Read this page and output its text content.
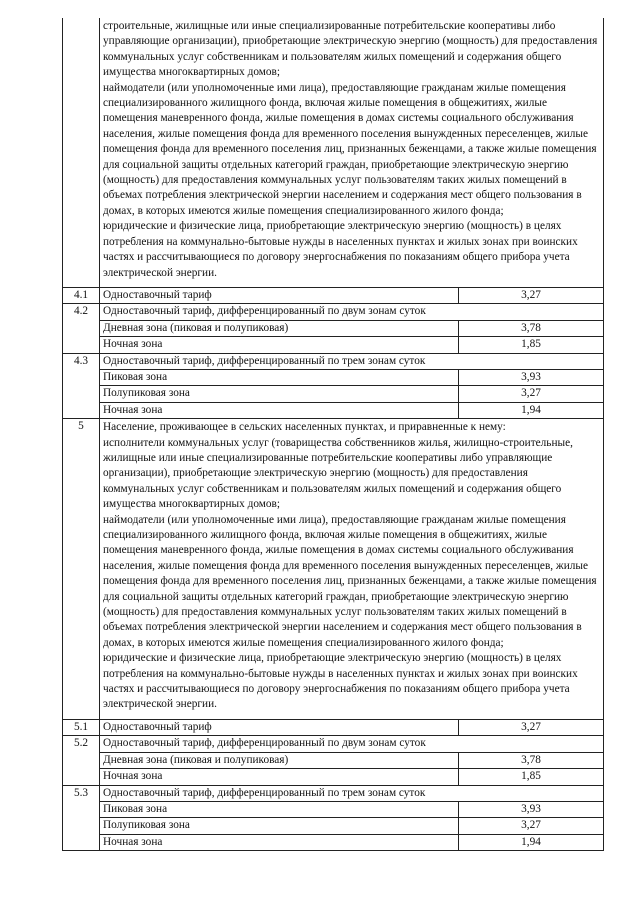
	строительные, жилищные или иные специализированные потребительские кооперативы либо управляющие организации), приобретающие электрическую энергию (мощность) для предоставления коммунальных услуг собственникам и пользователям жилых помещений и содержания общего имущества многоквартирных домов;
наймодатели (или уполномоченные ими лица), предоставляющие гражданам жилые помещения специализированного жилищного фонда, включая жилые помещения в общежитиях, жилые помещения маневренного фонда, жилые помещения в домах системы социального обслуживания населения, жилые помещения фонда для временного поселения вынужденных переселенцев, жилые помещения фонда для временного поселения лиц, признанных беженцами, а также жилые помещения для социальной защиты отдельных категорий граждан, приобретающие электрическую энергию (мощность) для предоставления коммунальных услуг пользователям таких жилых помещений в объемах потребления электрической энергии населением и содержания мест общего пользования в домах, в которых имеются жилые помещения специализированного жилого фонда;
юридические и физические лица, приобретающие электрическую энергию (мощность) в целях потребления на коммунально-бытовые нужды в населенных пунктах и жилых зонах при воинских частях и рассчитывающиеся по договору энергоснабжения по показаниям общего прибора учета электрической энергии.	

4.1	Одноставочный тариф	3,27
4.2	Одноставочный тариф, дифференцированный по двум зонам суток	
	Дневная зона (пиковая и полупиковая)	3,78
	Ночная зона	1,85
4.3	Одноставочный тариф, дифференцированный по трем зонам суток	
	Пиковая зона	3,93
	Полупиковая зона	3,27
	Ночная зона	1,94
5	Население, проживающее в сельских населенных пунктах, и приравненные к нему:
исполнители коммунальных услуг (товарищества собственников жилья, жилищно-строительные, жилищные или иные специализированные потребительские кооперативы либо управляющие организации), приобретающие электрическую энергию (мощность) для предоставления коммунальных услуг собственникам и пользователям жилых помещений и содержания общего имущества многоквартирных домов;
наймодатели (или уполномоченные ими лица), предоставляющие гражданам жилые помещения специализированного жилищного фонда, включая жилые помещения в общежитиях, жилые помещения маневренного фонда, жилые помещения в домах системы социального обслуживания населения, жилые помещения фонда для временного поселения вынужденных переселенцев, жилые помещения фонда для временного поселения лиц, признанных беженцами, а также жилые помещения для социальной защиты отдельных категорий граждан, приобретающие электрическую энергию (мощность) для предоставления коммунальных услуг пользователям таких жилых помещений в объемах потребления электрической энергии населением и содержания мест общего пользования в домах, в которых имеются жилые помещения специализированного жилого фонда;
юридические и физические лица, приобретающие электрическую энергию (мощность) в целях потребления на коммунально-бытовые нужды в населенных пунктах и жилых зонах при воинских частях и рассчитывающиеся по договору энергоснабжения по показаниям общего прибора учета электрической энергии.	

5.1	Одноставочный тариф	3,27
5.2	Одноставочный тариф, дифференцированный по двум зонам суток	
	Дневная зона (пиковая и полупиковая)	3,78
	Ночная зона	1,85
5.3	Одноставочный тариф, дифференцированный по трем зонам суток	
	Пиковая зона	3,93
	Полупиковая зона	3,27
	Ночная зона	1,94
